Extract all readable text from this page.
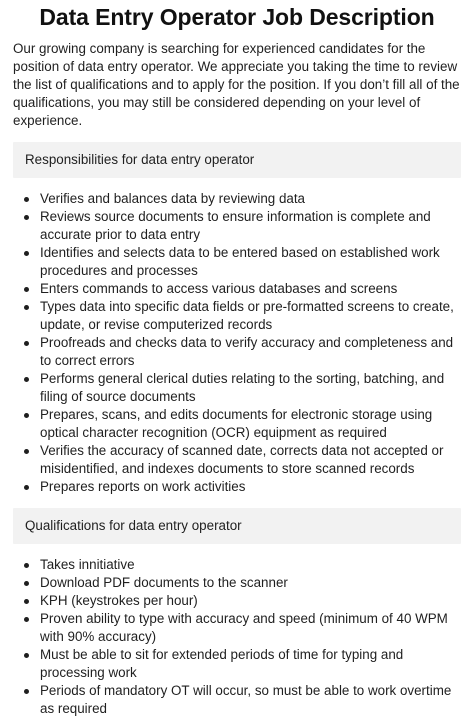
Data Entry Operator Job Description

Our growing company is searching for experienced candidates for the position of data entry operator. We appreciate you taking the time to review the list of qualifications and to apply for the position. If you don’t fill all of the qualifications, you may still be considered depending on your level of experience.

Responsibilities for data entry operator
Verifies and balances data by reviewing data
Reviews source documents to ensure information is complete and accurate prior to data entry
Identifies and selects data to be entered based on established work procedures and processes
Enters commands to access various databases and screens
Types data into specific data fields or pre-formatted screens to create, update, or revise computerized records
Proofreads and checks data to verify accuracy and completeness and to correct errors
Performs general clerical duties relating to the sorting, batching, and filing of source documents
Prepares, scans, and edits documents for electronic storage using optical character recognition (OCR) equipment as required
Verifies the accuracy of scanned date, corrects data not accepted or misidentified, and indexes documents to store scanned records
Prepares reports on work activities
Qualifications for data entry operator
Takes innitiative
Download PDF documents to the scanner
KPH (keystrokes per hour)
Proven ability to type with accuracy and speed (minimum of 40 WPM with 90% accuracy)
Must be able to sit for extended periods of time for typing and processing work
Periods of mandatory OT will occur, so must be able to work overtime as required
